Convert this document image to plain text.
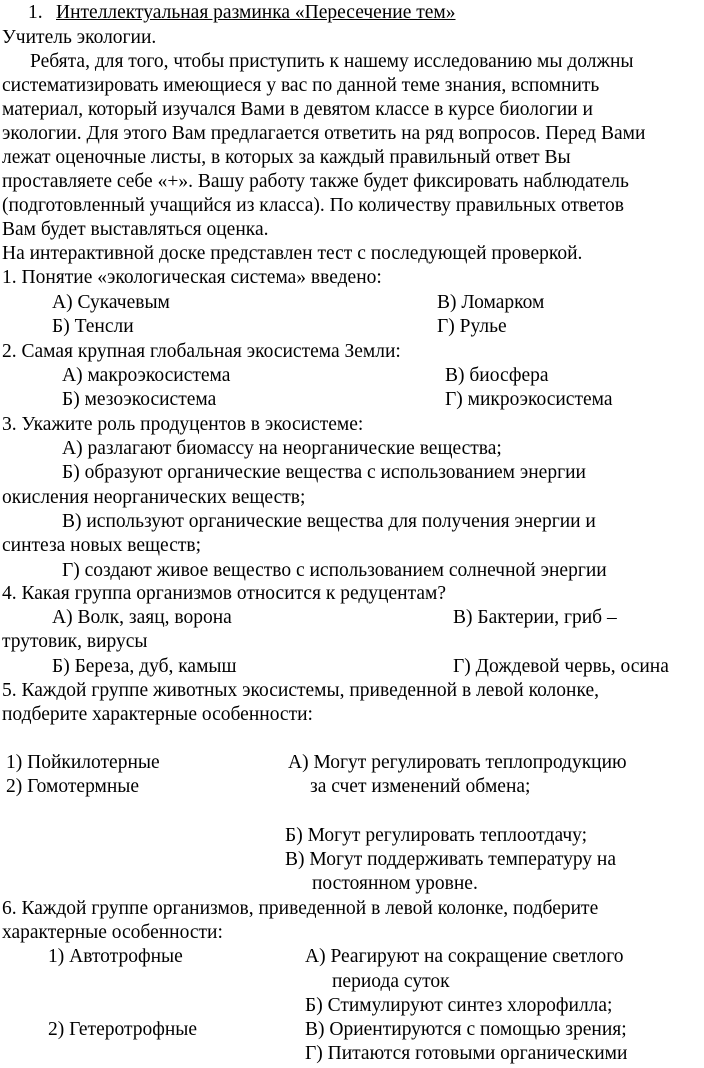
1. Интеллектуальная разминка «Пересечение тем»
Учитель экологии.
Ребята, для того, чтобы приступить к нашему исследованию мы должны
систематизировать имеющиеся у вас по данной теме знания, вспомнить
материал, который изучался Вами в девятом классе в курсе биологии и
экологии. Для этого Вам предлагается ответить на ряд вопросов. Перед Вами
лежат оценочные листы, в которых за каждый правильный ответ Вы
проставляете себе «+». Вашу работу также будет фиксировать наблюдатель
(подготовленный учащийся из класса). По количеству правильных ответов
Вам будет выставляться оценка.
На интерактивной доске представлен тест с последующей проверкой.
1. Понятие «экологическая система» введено:
А) Сукачевым	В) Ломарком
Б) Тенсли	Г) Рулье
2. Самая крупная глобальная экосистема Земли:
А) макроэкосистема	В) биосфера
Б) мезоэкосистема	Г) микроэкосистема
3. Укажите роль продуцентов в экосистеме:
А) разлагают биомассу на неорганические вещества;
Б) образуют органические вещества с использованием энергии
окисления неорганических веществ;
В) используют органические вещества для получения энергии и
синтеза новых веществ;
Г) создают живое вещество с использованием солнечной энергии
4. Какая группа организмов относится к редуцентам?
А) Волк, заяц, ворона	В) Бактерии, гриб –
трутовик, вирусы
Б) Береза, дуб, камыш	Г) Дождевой червь, осина
5. Каждой группе животных экосистемы, приведенной в левой колонке,
подберите характерные особенности:
1) Пойкилотерные	А) Могут регулировать теплопродукцию
2) Гомотермные	за счет изменений обмена;
Б) Могут регулировать теплоотдачу;
В) Могут поддерживать температуру на
постоянном уровне.
6. Каждой группе организмов, приведенной в левой колонке, подберите
характерные особенности:
1) Автотрофные	А) Реагируют на сокращение светлого
периода суток
Б) Стимулируют синтез хлорофилла;
2) Гетеротрофные	В) Ориентируются с помощью зрения;
Г) Питаются готовыми органическими
